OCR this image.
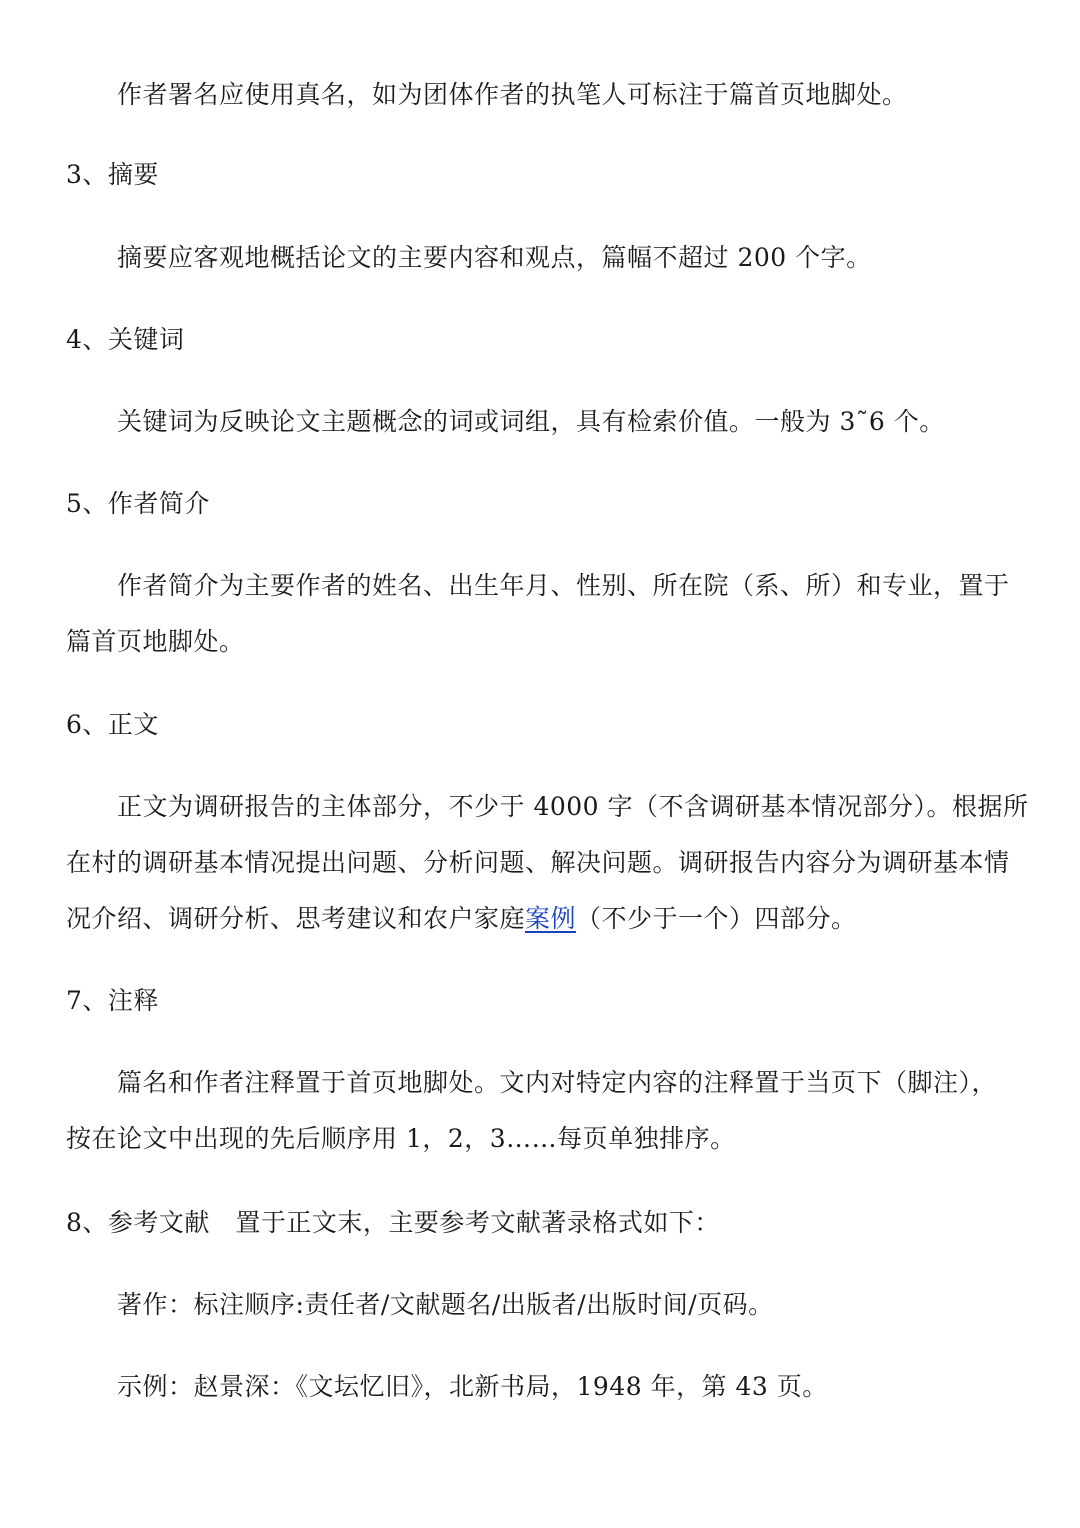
作者署名应使用真名，如为团体作者的执笔人可标注于篇首页地脚处。
3、摘要
摘要应客观地概括论文的主要内容和观点，篇幅不超过 200 个字。
4、关键词
关键词为反映论文主题概念的词或词组，具有检索价值。一般为 3˜6 个。
5、作者简介
作者简介为主要作者的姓名、出生年月、性别、所在院（系、所）和专业，置于
篇首页地脚处。
6、正文
正文为调研报告的主体部分，不少于 4000 字（不含调研基本情况部分）。根据所
在村的调研基本情况提出问题、分析问题、解决问题。调研报告内容分为调研基本情
况介绍、调研分析、思考建议和农户家庭案例（不少于一个）四部分。
7、注释
篇名和作者注释置于首页地脚处。文内对特定内容的注释置于当页下（脚注），
按在论文中出现的先后顺序用 1，2，3……每页单独排序。
8、参考文献　置于正文末，主要参考文献著录格式如下：
著作：标注顺序:责任者/文献题名/出版者/出版时间/页码。
示例：赵景深：《文坛忆旧》，北新书局，1948 年，第 43 页。
